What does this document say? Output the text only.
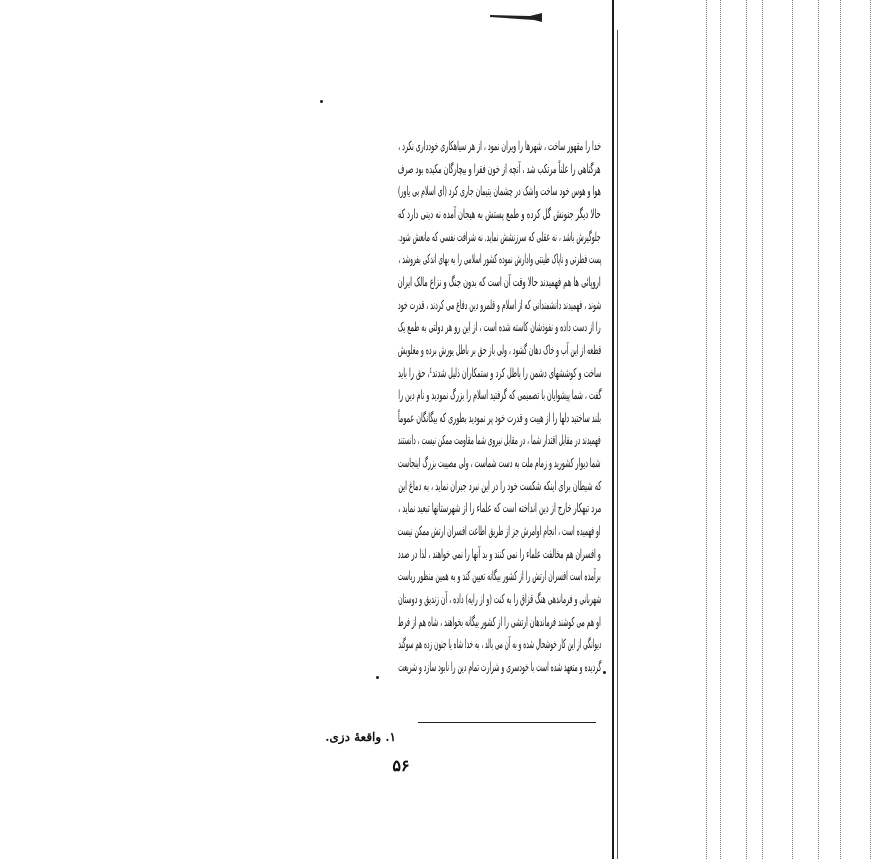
خدا را مقهور ساخت ، شهرها را ویران نمود ، از هر سیاهکاری خودداری نکرد ،
هرگناهی را علناً مرتکب شد ، آنچه از خون فقرا و بیچارگان مکیده بود صرف
هوا و هوس خود ساخت واشک در چشمان یتیمان جاری کرد (ای اسلام بی یاور)
حالا دیگر جنونش گل کرده و طمع پستش به هیجان آمده نه دینی دارد که
جلوگیرش باشد ، نه عقلی که سرزنشش نماید. نه شرافت نفسی که مانعش شود.
پست فطرتی و ناپاک طینتی وادارش نموده کشور اسلامی را به بهای اندکی بفروشد ،
اروپائی ها هم فهمیدند حالا وقت آن است که بدون جنگ و نزاع مالک ایران
شوند ، فهمیدند دانشمندانی که از اسلام و قلمرو دین دفاع می کردند ، قدرت خود
را از دست داده و نفوذشان کاسته شده است ، از این رو هر دولتی به طمع یک
قطعه از این آب و خاک دهان گشود ، ولی باز حق بر باطل یورش برده و مغلوبش
ساخت و کوششهای دشمن را باطل کرد و ستمکاران ذلیل شدند¹، حق را باید
گفت ، شما پیشوایان با تصمیمی که گرفتید اسلام را بزرگ نمودید و نام دین را
بلند ساختید دلها را از هیبت و قدرت خود پر نمودید بطوری که بیگانگان عموماً
فهمیدند در مقابل اقتدار شما ، در مقابل نیروی شما مقاومت ممکن نیست ، دانستند
شما دیوار کشورید و زمام ملت به دست شماست ، ولی مصیبت بزرگ اینجاست
که شیطان برای اینکه شکست خود را در این نبرد جبران نماید ، به دماغ این
مرد تبهکار خارج از دین انداخته است که علماء را از شهرستانها تبعید نماید ،
او فهمیده است ، انجام اوامرش جز از طریق اطاعت افسران ارتش ممکن نیست
و افسران هم مخالفت علماء را نمی کنند و بد آنها را نمی خواهند ، لذا در صدد
برآمده است افسران ارتش را از کشور بیگانه تعیین کند و به همین منظور ریاست
شهربانی و فرماندهی هنگ قزاق را به کنت (و از رایه) داده ، آن زندیق و دوستان
او هم می کوشند فرماندهان ارتشی را از کشور بیگانه بخواهند ، شاه هم از فرط
دیوانگی از این کار خوشحال شده و به آن می بالد ، به خدا شاه یا جنون زده هم سوگند
گردیده و متعهد شده است با خودسری و شرارت تمام دین را نابود سازد و شریعت
١. واقعهٔ دزی.
۵۶
